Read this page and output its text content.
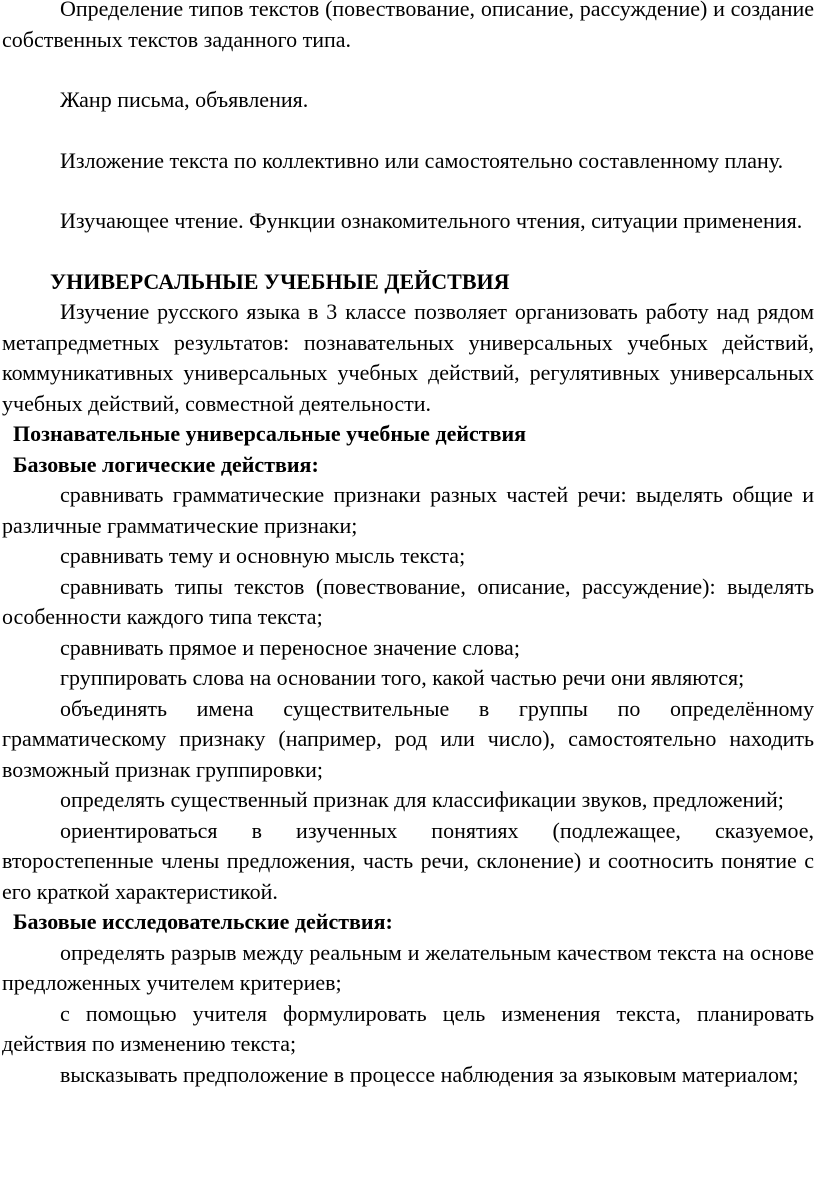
Определение типов текстов (повествование, описание, рассуждение) и создание собственных текстов заданного типа.

Жанр письма, объявления.

Изложение текста по коллективно или самостоятельно составленному плану.

Изучающее чтение. Функции ознакомительного чтения, ситуации применения.

УНИВЕРСАЛЬНЫЕ УЧЕБНЫЕ ДЕЙСТВИЯ

Изучение русского языка в 3 классе позволяет организовать работу над рядом метапредметных результатов: познавательных универсальных учебных действий, коммуникативных универсальных учебных действий, регулятивных универсальных учебных действий, совместной деятельности.

Познавательные универсальные учебные действия

Базовые логические действия:

сравнивать грамматические признаки разных частей речи: выделять общие и различные грамматические признаки;

сравнивать тему и основную мысль текста;

сравнивать типы текстов (повествование, описание, рассуждение): выделять особенности каждого типа текста;

сравнивать прямое и переносное значение слова;

группировать слова на основании того, какой частью речи они являются;

объединять имена существительные в группы по определённому грамматическому признаку (например, род или число), самостоятельно находить возможный признак группировки;

определять существенный признак для классификации звуков, предложений;

ориентироваться в изученных понятиях (подлежащее, сказуемое, второстепенные члены предложения, часть речи, склонение) и соотносить понятие с его краткой характеристикой.

Базовые исследовательские действия:

определять разрыв между реальным и желательным качеством текста на основе предложенных учителем критериев;

с помощью учителя формулировать цель изменения текста, планировать действия по изменению текста;

высказывать предположение в процессе наблюдения за языковым материалом;
